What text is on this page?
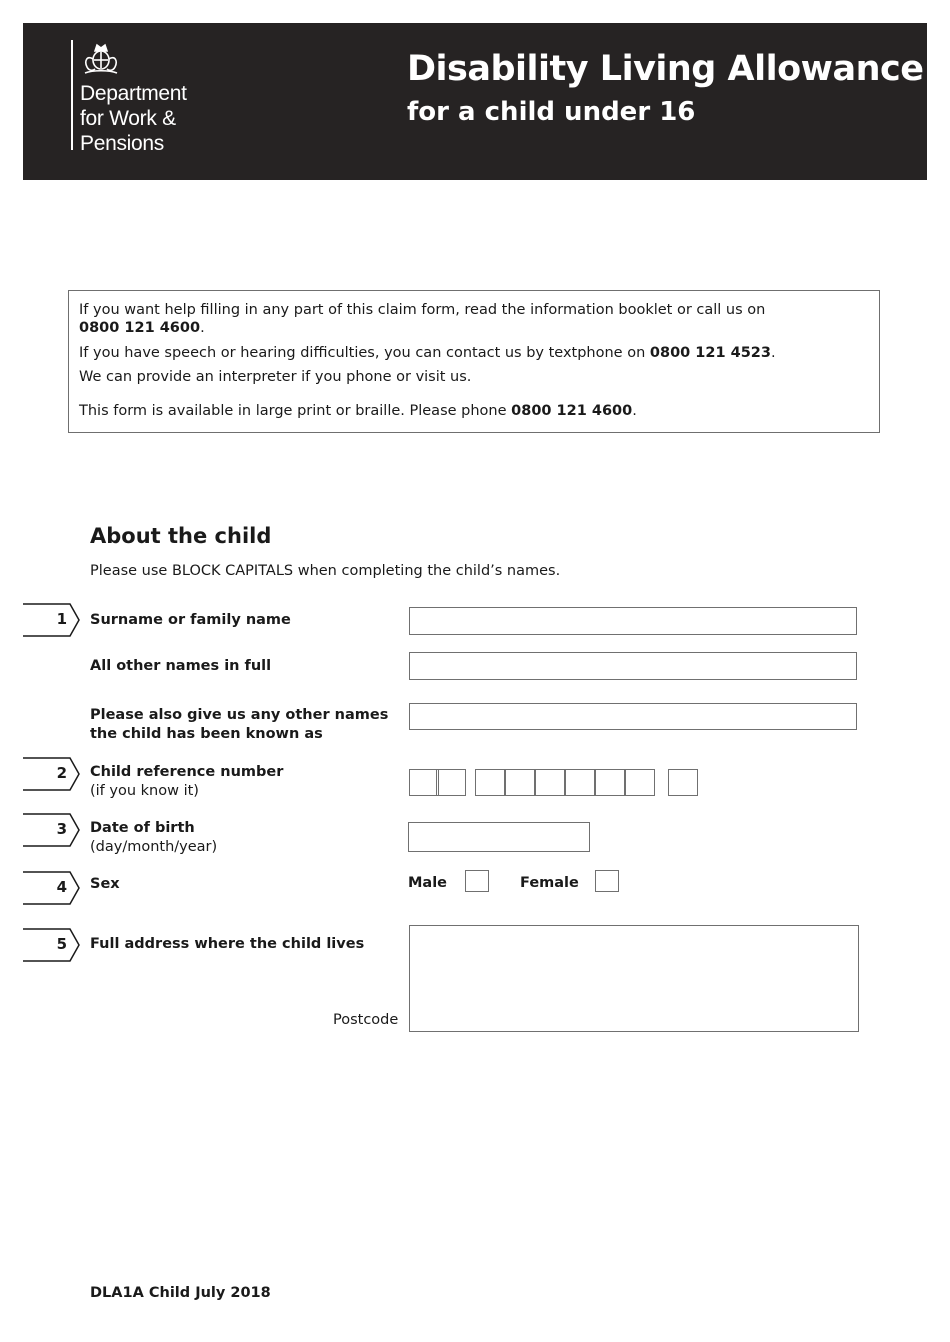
Department
for Work &
Pensions
Disability Living Allowance
for a child under 16

If you want help filling in any part of this claim form, read the information booklet or call us on
0800 121 4600.

If you have speech or hearing difficulties, you can contact us by textphone on 0800 121 4523.

We can provide an interpreter if you phone or visit us.

This form is available in large print or braille. Please phone 0800 121 4600.

About the child
Please use BLOCK CAPITALS when completing the child’s names.
1 Surname or family name
All other names in full
Please also give us any other names
the child has been known as
2 Child reference number
(if you know it)
3 Date of birth
(day/month/year)
4 Sex	Male	Female
5 Full address where the child lives
Postcode
DLA1A Child July 2018
